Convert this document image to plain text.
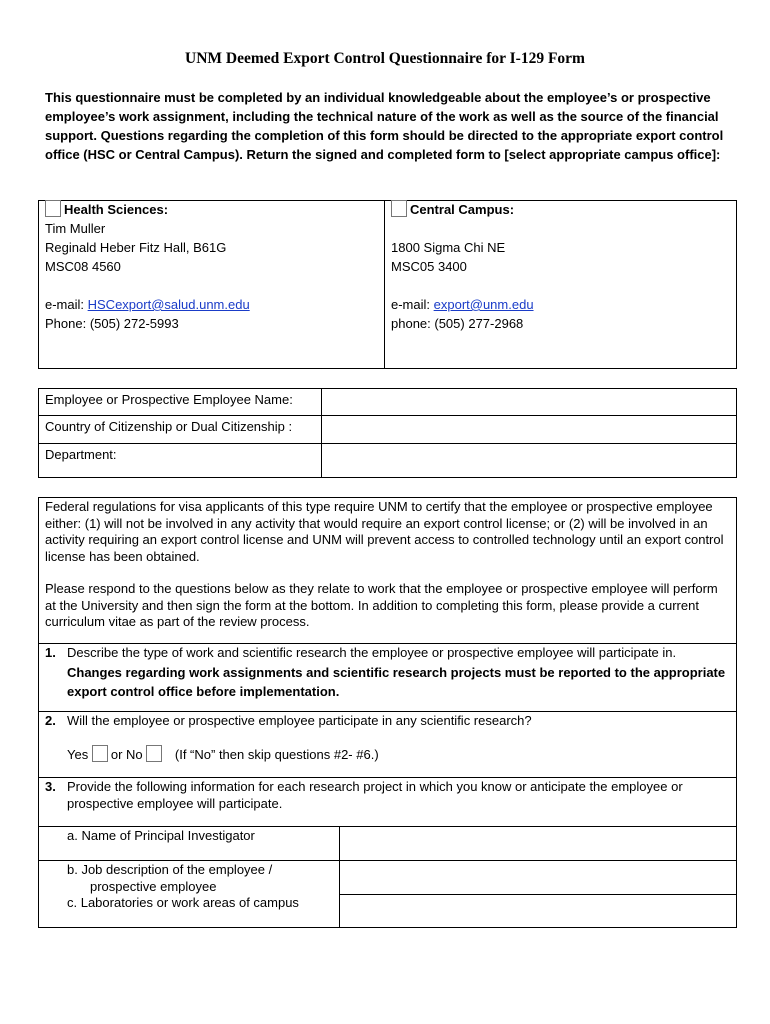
UNM Deemed Export Control Questionnaire for I-129 Form
This questionnaire must be completed by an individual knowledgeable about the employee’s or prospective employee’s work assignment, including the technical nature of the work as well as the source of the financial support. Questions regarding the completion of this form should be directed to the appropriate export control office (HSC or Central Campus). Return the signed and completed form to [select appropriate campus office]:
Health Sciences:
Tim Muller
Reginald Heber Fitz Hall, B61G
MSC08 4560
e-mail: HSCexport@salud.unm.edu
Phone: (505) 272-5993
Central Campus:
1800 Sigma Chi NE
MSC05 3400
e-mail: export@unm.edu
phone: (505) 277-2968
Employee or Prospective Employee Name:
Country of Citizenship or Dual Citizenship :
Department:
Federal regulations for visa applicants of this type require UNM to certify that the employee or prospective employee either: (1) will not be involved in any activity that would require an export control license; or (2) will be involved in an activity requiring an export control license and UNM will prevent access to controlled technology until an export control license has been obtained.
Please respond to the questions below as they relate to work that the employee or prospective employee will perform at the University and then sign the form at the bottom. In addition to completing this form, please provide a current curriculum vitae as part of the review process.
1. Describe the type of work and scientific research the employee or prospective employee will participate in.
Changes regarding work assignments and scientific research projects must be reported to the appropriate export control office before implementation.
2. Will the employee or prospective employee participate in any scientific research?
Yes or No (If “No” then skip questions #2- #6.)
3. Provide the following information for each research project in which you know or anticipate the employee or prospective employee will participate.
a. Name of Principal Investigator
b. Job description of the employee / prospective employee
c. Laboratories or work areas of campus
